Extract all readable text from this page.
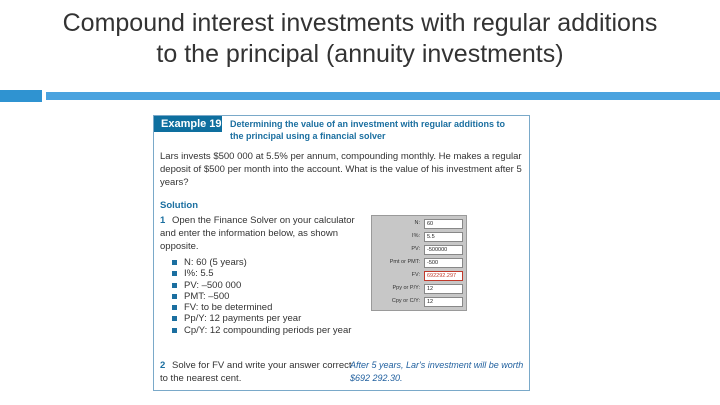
Compound interest investments with regular additions
to the principal (annuity investments)
Example 19 Determining the value of an investment with regular additions to
the principal using a financial solver
Lars invests $500 000 at 5.5% per annum, compounding monthly. He makes a regular deposit of $500 per month into the account. What is the value of his investment after 5 years?
Solution
1 Open the Finance Solver on your calculator and enter the information below, as shown opposite.
N: 60 (5 years)
I%: 5.5
PV: –500 000
PMT: –500
FV: to be determined
Pp/Y: 12 payments per year
Cp/Y: 12 compounding periods per year
2 Solve for FV and write your answer correct to the nearest cent.
After 5 years, Lar's investment will be worth $692 292.30.
N:	60
I%:	5.5
PV:	-500000
Pmt or PMT:	-500
FV:	692292.297
Ppy or P/Y:	12
Cpy or C/Y:	12
